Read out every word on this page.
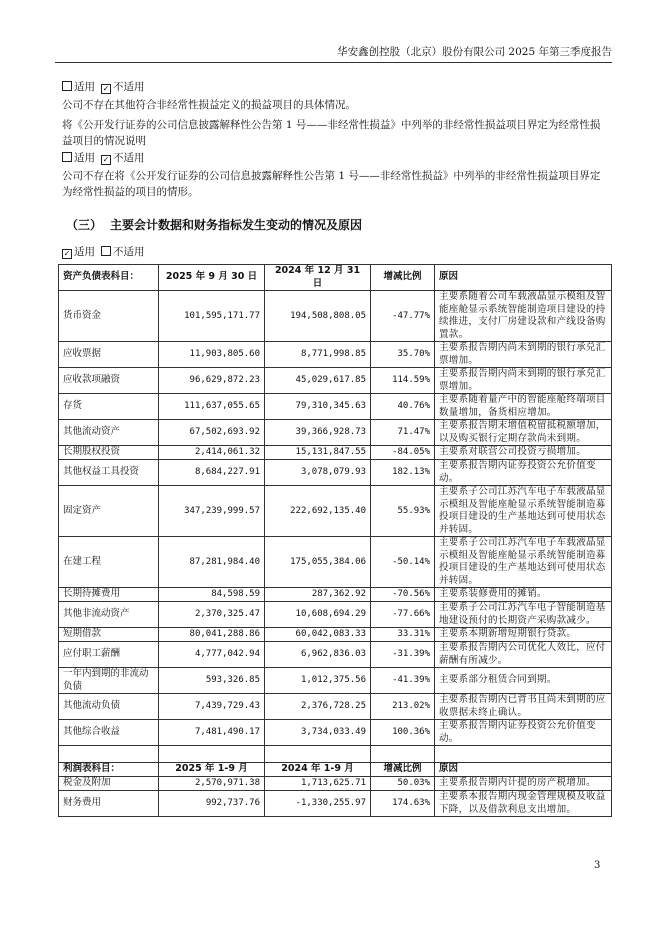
华安鑫创控股（北京）股份有限公司 2025 年第三季度报告
适用 ✓ 不适用
公司不存在其他符合非经常性损益定义的损益项目的具体情况。
将《公开发行证券的公司信息披露解释性公告第 1 号——非经常性损益》中列举的非经常性损益项目界定为经常性损益项目的情况说明
适用 ✓ 不适用
公司不存在将《公开发行证券的公司信息披露解释性公告第 1 号——非经常性损益》中列举的非经常性损益项目界定为经常性损益的项目的情形。
（三） 主要会计数据和财务指标发生变动的情况及原因
✓ 适用 不适用
资产负债表科目：	2025 年 9 月 30 日	2024 年 12 月 31 日	增减比例	原因
货币资金	101,595,171.77	194,508,808.05	-47.77%	主要系随着公司车载液晶显示模组及智能座舱显示系统智能制造项目建设的持续推进，支付厂房建设款和产线设备购置款。
应收票据	11,903,805.60	8,771,998.85	35.70%	主要系报告期内尚未到期的银行承兑汇票增加。
应收款项融资	96,629,872.23	45,029,617.85	114.59%	主要系报告期内尚未到期的银行承兑汇票增加。
存货	111,637,055.65	79,310,345.63	40.76%	主要系随着量产中的智能座舱终端项目数量增加，备货相应增加。
其他流动资产	67,502,693.92	39,366,928.73	71.47%	主要系报告期末增值税留抵税额增加，以及购买银行定期存款尚未到期。
长期股权投资	2,414,061.32	15,131,847.55	-84.05%	主要系对联营公司投资亏损增加。
其他权益工具投资	8,684,227.91	3,078,079.93	182.13%	主要系报告期内证券投资公允价值变动。
固定资产	347,239,999.57	222,692,135.40	55.93%	主要系子公司江苏汽车电子车载液晶显示模组及智能座舱显示系统智能制造募投项目建设的生产基地达到可使用状态并转固。
在建工程	87,281,984.40	175,055,384.06	-50.14%	主要系子公司江苏汽车电子车载液晶显示模组及智能座舱显示系统智能制造募投项目建设的生产基地达到可使用状态并转固。
长期待摊费用	84,598.59	287,362.92	-70.56%	主要系装修费用的摊销。
其他非流动资产	2,370,325.47	10,608,694.29	-77.66%	主要系子公司江苏汽车电子智能制造基地建设预付的长期资产采购款减少。
短期借款	80,041,288.86	60,042,083.33	33.31%	主要系本期新增短期银行贷款。
应付职工薪酬	4,777,042.94	6,962,836.03	-31.39%	主要系报告期内公司优化人效比，应付薪酬有所减少。
一年内到期的非流动负债	593,326.85	1,012,375.56	-41.39%	主要系部分租赁合同到期。
其他流动负债	7,439,729.43	2,376,728.25	213.02%	主要系报告期内已背书且尚未到期的应收票据未终止确认。
其他综合收益	7,481,490.17	3,734,033.49	100.36%	主要系报告期内证券投资公允价值变动。

利润表科目：	2025 年 1-9 月	2024 年 1-9 月	增减比例	原因
税金及附加	2,570,971.38	1,713,625.71	50.03%	主要系报告期内计提的房产税增加。
财务费用	992,737.76	-1,330,255.97	174.63%	主要系本报告期内现金管理规模及收益下降，以及借款利息支出增加。
3
